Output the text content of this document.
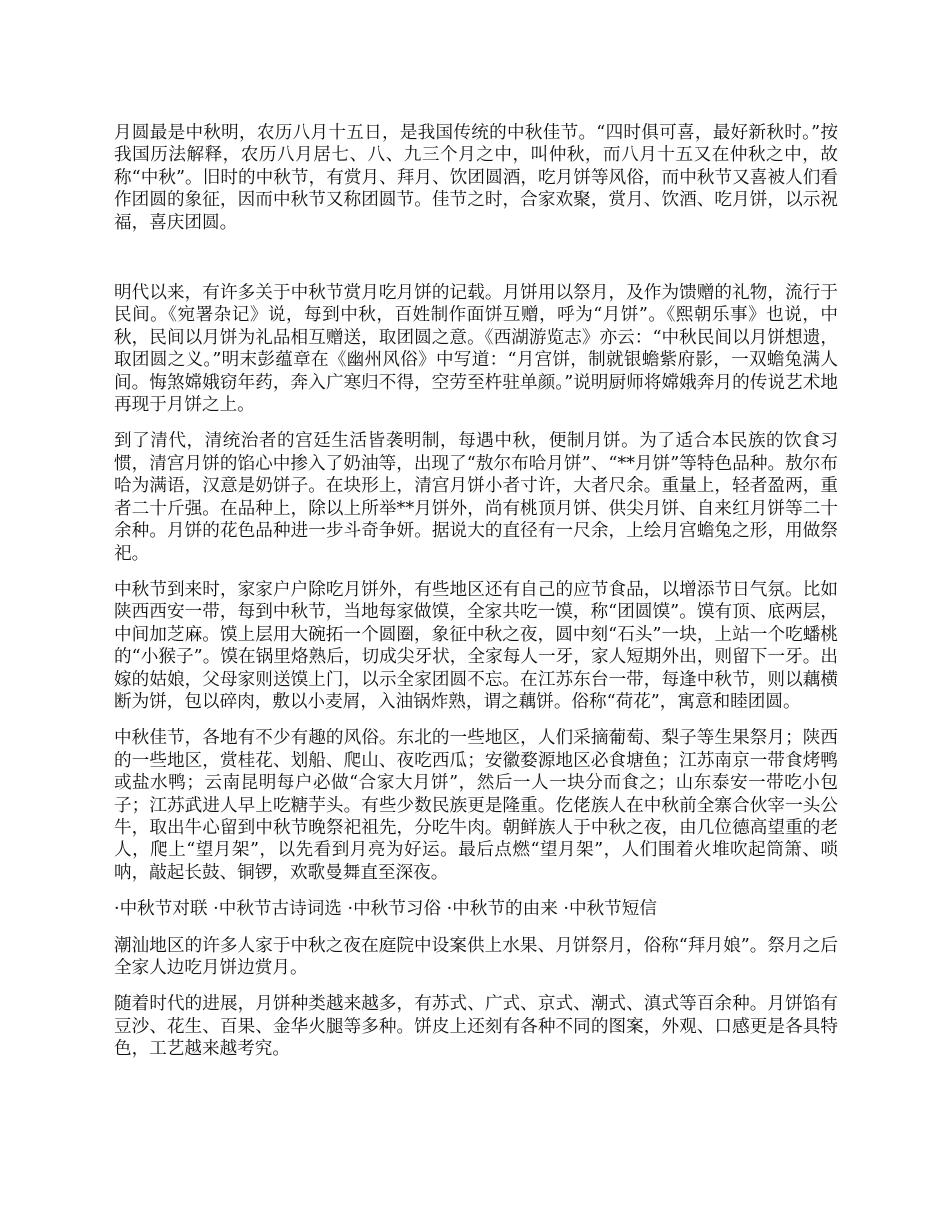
月圆最是中秋明，农历八月十五日，是我国传统的中秋佳节。“四时俱可喜，最好新秋时。”按我国历法解释，农历八月居七、八、九三个月之中，叫仲秋，而八月十五又在仲秋之中，故称“中秋”。旧时的中秋节，有赏月、拜月、饮团圆酒，吃月饼等风俗，而中秋节又喜被人们看作团圆的象征，因而中秋节又称团圆节。佳节之时，合家欢聚，赏月、饮酒、吃月饼，以示祝福，喜庆团圆。

明代以来，有许多关于中秋节赏月吃月饼的记载。月饼用以祭月，及作为馈赠的礼物，流行于民间。《宛署杂记》说，每到中秋，百姓制作面饼互赠，呼为“月饼”。《熙朝乐事》也说，中秋，民间以月饼为礼品相互赠送，取团圆之意。《西湖游览志》亦云：“中秋民间以月饼想遗，取团圆之义。”明末彭蕴章在《幽州风俗》中写道：“月宫饼，制就银蟾紫府影，一双蟾兔满人间。悔煞嫦娥窃年药，奔入广寒归不得，空劳至杵驻单颜。”说明厨师将嫦娥奔月的传说艺术地再现于月饼之上。

到了清代，清统治者的宫廷生活皆袭明制，每遇中秋，便制月饼。为了适合本民族的饮食习惯，清宫月饼的馅心中掺入了奶油等，出现了“敖尔布哈月饼”、“**月饼”等特色品种。敖尔布哈为满语，汉意是奶饼子。在块形上，清宫月饼小者寸许，大者尺余。重量上，轻者盈两，重者二十斤强。在品种上，除以上所举**月饼外，尚有桃顶月饼、供尖月饼、自来红月饼等二十余种。月饼的花色品种进一步斗奇争妍。据说大的直径有一尺余，上绘月宫蟾兔之形，用做祭祀。

中秋节到来时，家家户户除吃月饼外，有些地区还有自己的应节食品，以增添节日气氛。比如陕西西安一带，每到中秋节，当地每家做馍，全家共吃一馍，称“团圆馍”。馍有顶、底两层，中间加芝麻。馍上层用大碗拓一个圆圈，象征中秋之夜，圆中刻“石头”一块，上站一个吃蟠桃的“小猴子”。馍在锅里烙熟后，切成尖牙状，全家每人一牙，家人短期外出，则留下一牙。出嫁的姑娘，父母家则送馍上门，以示全家团圆不忘。在江苏东台一带，每逢中秋节，则以藕横断为饼，包以碎肉，敷以小麦屑，入油锅炸熟，谓之藕饼。俗称“荷花”，寓意和睦团圆。

中秋佳节，各地有不少有趣的风俗。东北的一些地区，人们采摘葡萄、梨子等生果祭月；陕西的一些地区，赏桂花、划船、爬山、夜吃西瓜；安徽婺源地区必食塘鱼；江苏南京一带食烤鸭或盐水鸭；云南昆明每户必做“合家大月饼”，然后一人一块分而食之；山东泰安一带吃小包子；江苏武进人早上吃糖芋头。有些少数民族更是隆重。仡佬族人在中秋前全寨合伙宰一头公牛，取出牛心留到中秋节晚祭祀祖先，分吃牛肉。朝鲜族人于中秋之夜，由几位德高望重的老人，爬上“望月架”，以先看到月亮为好运。最后点燃“望月架”，人们围着火堆吹起筒箫、唢呐，敲起长鼓、铜锣，欢歌曼舞直至深夜。

·中秋节对联 ·中秋节古诗词选 ·中秋节习俗 ·中秋节的由来 ·中秋节短信

潮汕地区的许多人家于中秋之夜在庭院中设案供上水果、月饼祭月，俗称“拜月娘”。祭月之后全家人边吃月饼边赏月。

随着时代的进展，月饼种类越来越多，有苏式、广式、京式、潮式、滇式等百余种。月饼馅有豆沙、花生、百果、金华火腿等多种。饼皮上还刻有各种不同的图案，外观、口感更是各具特色，工艺越来越考究。
